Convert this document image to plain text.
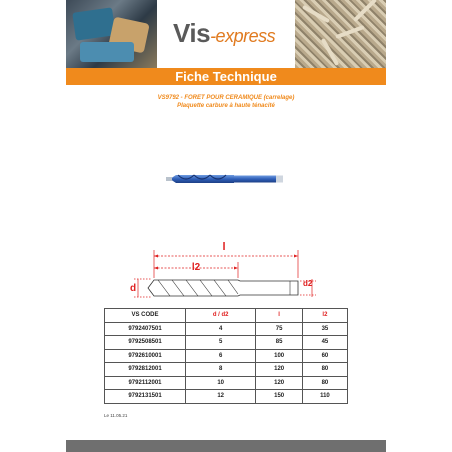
Vis-express
Fiche Technique
VS9792 - FORET POUR CERAMIQUE (carrelage)
Plaquette carbure à haute ténacité
l
l2
d	d2
VS CODE	d / d2	l	l2
9792407501	4	75	35
9792508501	5	85	45
9792610001	6	100	60
9792812001	8	120	80
9792112001	10	120	80
9792131501	12	150	110
Le 11.05.21
